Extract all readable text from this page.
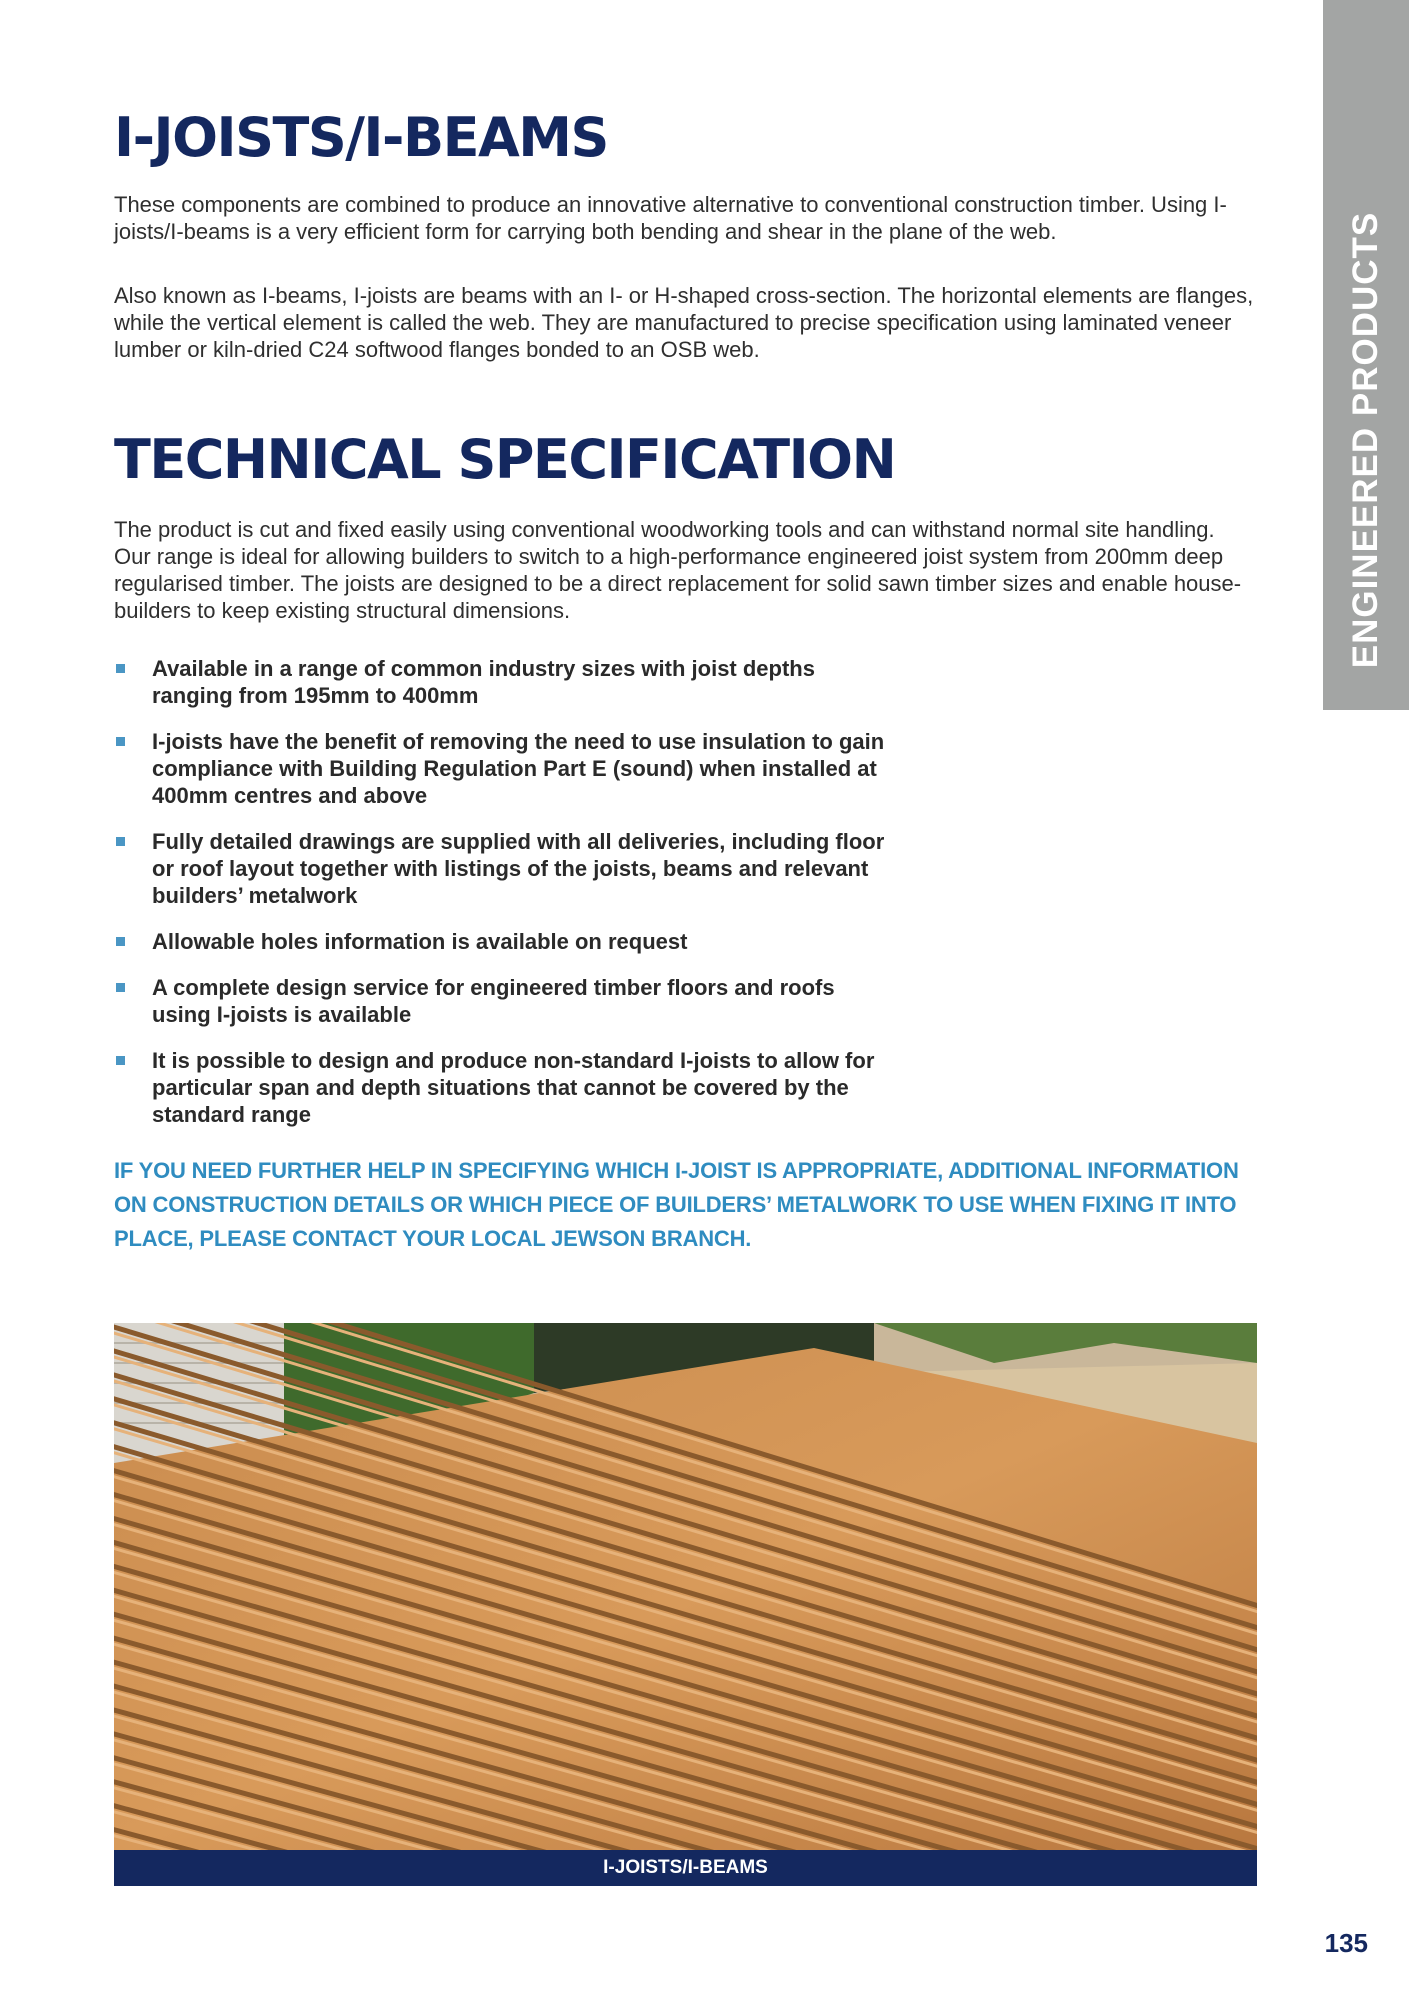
ENGINEERED PRODUCTS
I-JOISTS/I-BEAMS

These components are combined to produce an innovative alternative to conventional construction timber. Using I-joists/I-beams is a very efficient form for carrying both bending and shear in the plane of the web.

Also known as I-beams, I-joists are beams with an I- or H-shaped cross-section. The horizontal elements are flanges, while the vertical element is called the web. They are manufactured to precise specification using laminated veneer lumber or kiln-dried C24 softwood flanges bonded to an OSB web.

TECHNICAL SPECIFICATION

The product is cut and fixed easily using conventional woodworking tools and can withstand normal site handling. Our range is ideal for allowing builders to switch to a high-performance engineered joist system from 200mm deep regularised timber. The joists are designed to be a direct replacement for solid sawn timber sizes and enable house-builders to keep existing structural dimensions.

Available in a range of common industry sizes with joist depths ranging from 195mm to 400mm
I-joists have the benefit of removing the need to use insulation to gain compliance with Building Regulation Part E (sound) when installed at 400mm centres and above
Fully detailed drawings are supplied with all deliveries, including floor or roof layout together with listings of the joists, beams and relevant builders’ metalwork
Allowable holes information is available on request
A complete design service for engineered timber floors and roofs using I-joists is available
It is possible to design and produce non-standard I-joists to allow for particular span and depth situations that cannot be covered by the standard range

IF YOU NEED FURTHER HELP IN SPECIFYING WHICH I-JOIST IS APPROPRIATE, ADDITIONAL INFORMATION ON CONSTRUCTION DETAILS OR WHICH PIECE OF BUILDERS’ METALWORK TO USE WHEN FIXING IT INTO PLACE, PLEASE CONTACT YOUR LOCAL JEWSON BRANCH.

I-JOISTS/I-BEAMS
135
